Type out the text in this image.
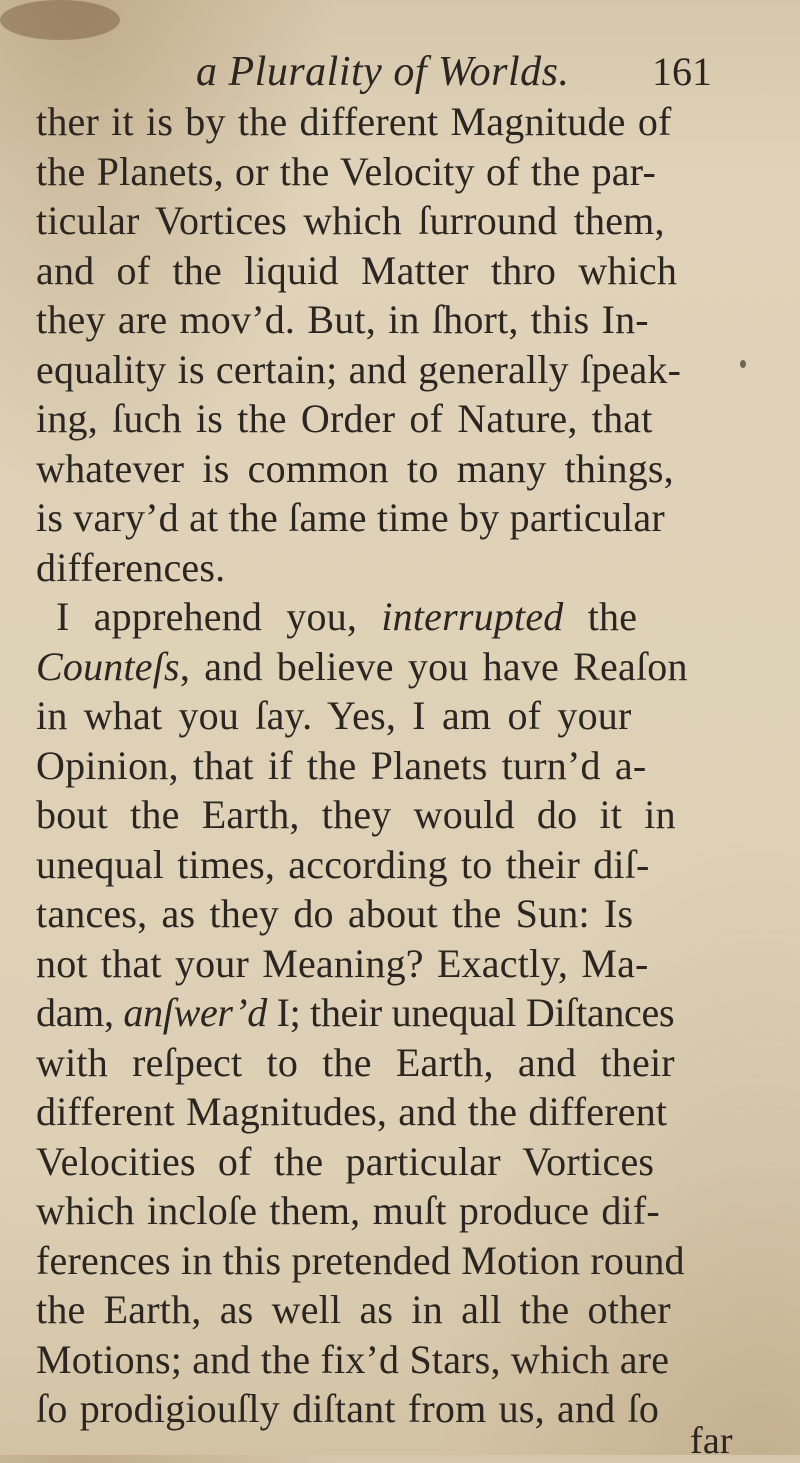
a Plurality of Worlds. 161
ther it is by the different Magnitude of
the Planets, or the Velocity of the par-
ticular Vortices which ſurround them,
and of the liquid Matter thro which
they are mov’d. But, in ſhort, this In-
equality is certain; and generally ſpeak-
ing, ſuch is the Order of Nature, that
whatever is common to many things,
is vary’d at the ſame time by particular
differences.
I apprehend you, interrupted the
Counteſs, and believe you have Reaſon
in what you ſay. Yes, I am of your
Opinion, that if the Planets turn’d a-
bout the Earth, they would do it in
unequal times, according to their diſ-
tances, as they do about the Sun: Is
not that your Meaning? Exactly, Ma-
dam, anſwer’d I; their unequal Diſtances
with reſpect to the Earth, and their
different Magnitudes, and the different
Velocities of the particular Vortices
which incloſe them, muſt produce dif-
ferences in this pretended Motion round
the Earth, as well as in all the other
Motions; and the fix’d Stars, which are
ſo prodigiouſly diſtant from us, and ſo
far
